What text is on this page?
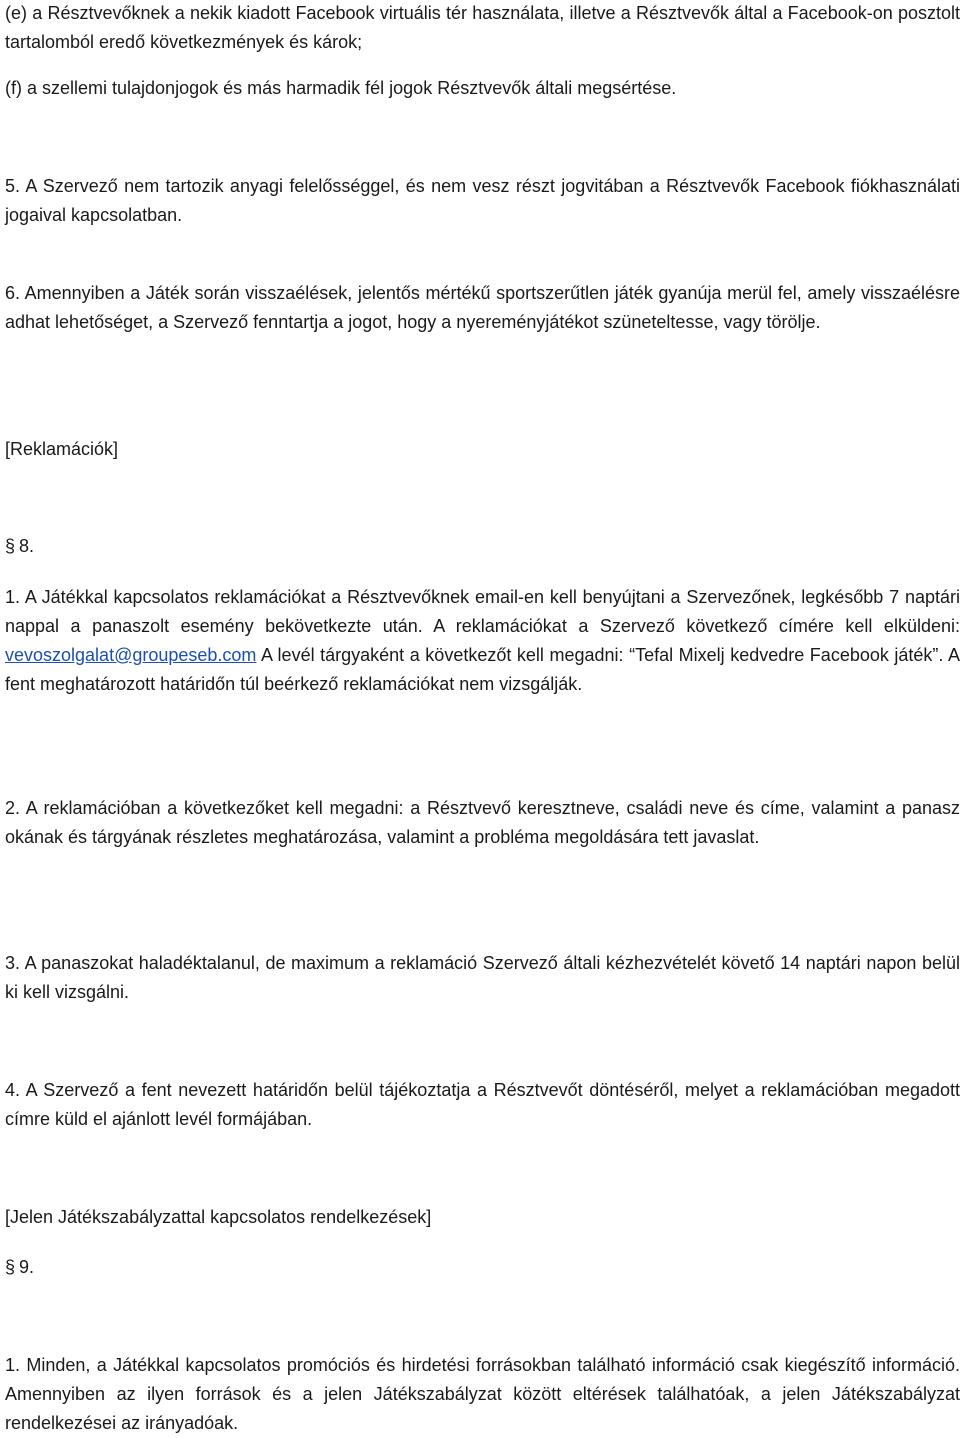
(e) a Résztvevőknek a nekik kiadott Facebook virtuális tér használata, illetve a Résztvevők által a Facebook-on posztolt tartalomból eredő következmények és károk;

(f) a szellemi tulajdonjogok és más harmadik fél jogok Résztvevők általi megsértése.

5. A Szervező nem tartozik anyagi felelősséggel, és nem vesz részt jogvitában a Résztvevők Facebook fiókhasználati jogaival kapcsolatban.

6. Amennyiben a Játék során visszaélések, jelentős mértékű sportszerűtlen játék gyanúja merül fel, amely visszaélésre adhat lehetőséget, a Szervező fenntartja a jogot, hogy a nyereményjátékot szüneteltesse, vagy törölje.

[Reklamációk]

§ 8.

1. A Játékkal kapcsolatos reklamációkat a Résztvevőknek email-en kell benyújtani a Szervezőnek, legkésőbb 7 naptári nappal a panaszolt esemény bekövetkezte után. A reklamációkat a Szervező következő címére kell elküldeni: vevoszolgalat@groupeseb.com A levél tárgyaként a következőt kell megadni: “Tefal Mixelj kedvedre Facebook játék”. A fent meghatározott határidőn túl beérkező reklamációkat nem vizsgálják.

2. A reklamációban a következőket kell megadni: a Résztvevő keresztneve, családi neve és címe, valamint a panasz okának és tárgyának részletes meghatározása, valamint a probléma megoldására tett javaslat.

3. A panaszokat haladéktalanul, de maximum a reklamáció Szervező általi kézhezvételét követő 14 naptári napon belül ki kell vizsgálni.

4. A Szervező a fent nevezett határidőn belül tájékoztatja a Résztvevőt döntéséről, melyet a reklamációban megadott címre küld el ajánlott levél formájában.

[Jelen Játékszabályzattal kapcsolatos rendelkezések]

§ 9.

1. Minden, a Játékkal kapcsolatos promóciós és hirdetési forrásokban található információ csak kiegészítő információ. Amennyiben az ilyen források és a jelen Játékszabályzat között eltérések találhatóak, a jelen Játékszabályzat rendelkezései az irányadóak.
